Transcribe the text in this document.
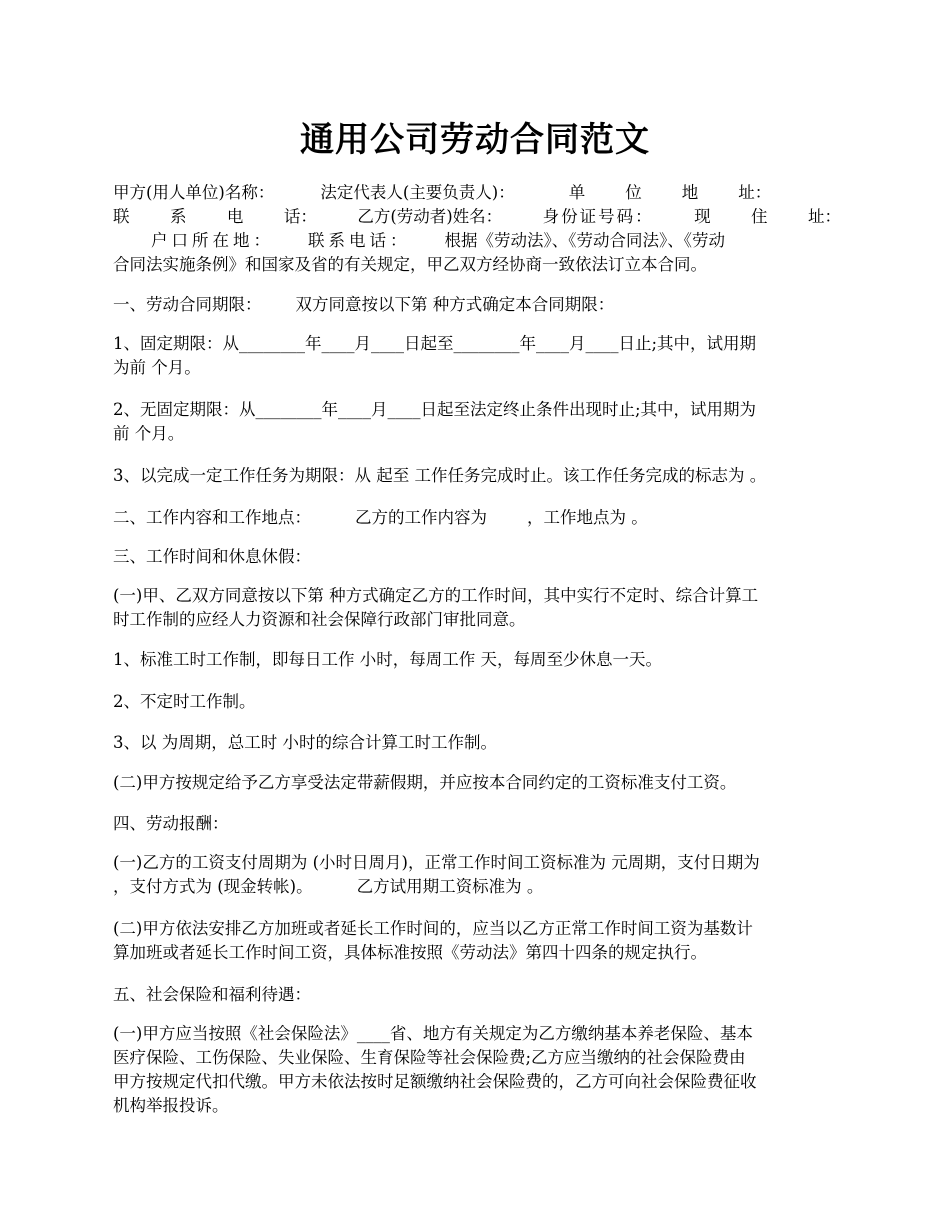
通用公司劳动合同范文
甲方(用人单位)名称：	法定代表人(主要负责人)：	单 位 地 址：
联 系 电 话： 乙方(劳动者)姓名： 身份证号码： 现 住 址：
户口所在地： 联系电话： 根据《劳动法》、《劳动合同法》、《劳动
合同法实施条例》和国家及省的有关规定，甲乙双方经协商一致依法订立本合同。
一、劳动合同期限： 双方同意按以下第 种方式确定本合同期限：
1、固定期限：从________年____月____日起至________年____月____日止;其中，试用期
为前 个月。
2、无固定期限：从________年____月____日起至法定终止条件出现时止;其中，试用期为
前 个月。
3、以完成一定工作任务为期限：从 起至 工作任务完成时止。该工作任务完成的标志为 。
二、工作内容和工作地点：	乙方的工作内容为 ，工作地点为 。
三、工作时间和休息休假：
(一)甲、乙双方同意按以下第 种方式确定乙方的工作时间，其中实行不定时、综合计算工
时工作制的应经人力资源和社会保障行政部门审批同意。
1、标准工时工作制，即每日工作 小时，每周工作 天，每周至少休息一天。
2、不定时工作制。
3、以 为周期，总工时 小时的综合计算工时工作制。
(二)甲方按规定给予乙方享受法定带薪假期，并应按本合同约定的工资标准支付工资。
四、劳动报酬：
(一)乙方的工资支付周期为 (小时日周月)，正常工作时间工资标准为 元周期，支付日期为
，支付方式为 (现金转帐)。	乙方试用期工资标准为 。
(二)甲方依法安排乙方加班或者延长工作时间的，应当以乙方正常工作时间工资为基数计
算加班或者延长工作时间工资，具体标准按照《劳动法》第四十四条的规定执行。
五、社会保险和福利待遇：
(一)甲方应当按照《社会保险法》____省、地方有关规定为乙方缴纳基本养老保险、基本
医疗保险、工伤保险、失业保险、生育保险等社会保险费;乙方应当缴纳的社会保险费由
甲方按规定代扣代缴。甲方未依法按时足额缴纳社会保险费的，乙方可向社会保险费征收
机构举报投诉。
